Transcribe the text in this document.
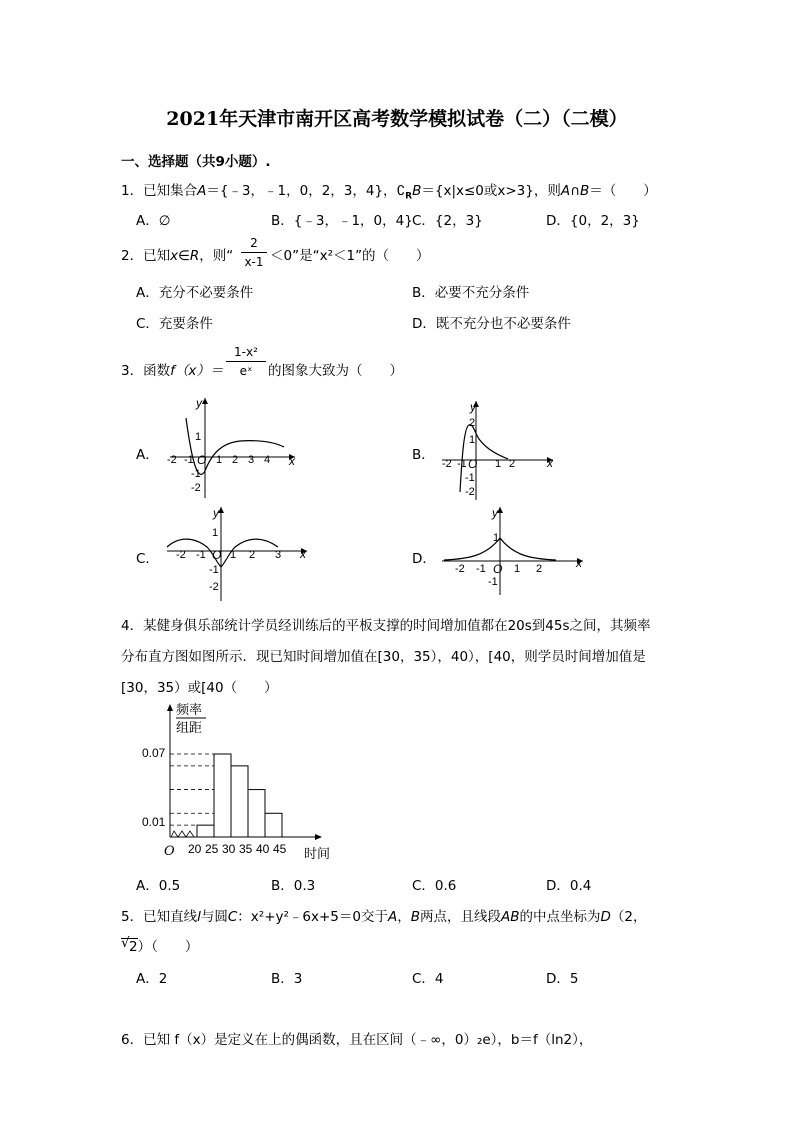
2021年天津市南开区高考数学模拟试卷（二）（二模）
一、选择题（共9小题）.
1．已知集合A＝{﹣3，﹣1，0，2，3，4}，$∁_RB=\{x|x\le 0$或x>3}，则A∩B＝（　　）
A．∅	B．{﹣3，﹣1，0，4} C．{2，3}	D．{0，2，3}
2．已知x∈R，则“
2
x-1 ＜0”是“x²＜1”的（　　）
A．充分不必要条件	B．必要不充分条件
C．充要条件	D．既不充分也不必要条件
3．函数f（x）＝
1-x²
eˣ	的图象大致为（　　）
A．	B．
C．	D．
x
y
-2 -1 O 1 2 3 4
1
-1
-2
x
y
-2 -1 O 1 2
2
1
-1
-2
x
y
-2 -1 O 1 2 3
1
-1
-2
x
y
-2 -1 O 1 2
1
-1
4．某健身俱乐部统计学员经训练后的平板支撑的时间增加值都在20s到45s之间，其频率
分布直方图如图所示．现已知时间增加值在[30，35），40），[40，则学员时间增加值是
[30，35）或[40（　　）
频率
组距
20 25 30 35 40 45
0.07
0.01
O	时间
A．0.5	B．0.3	C．0.6	D．0.4
5．已知直线l与圆C：x²+y²﹣6x+5＝0交于A，B两点，且线段AB的中点坐标为D（2，
√ 2）（　　）
A．2	B．3	C．4	D．5
6．已知 f（x）是定义在上的偶函数，且在区间（﹣∞，0）₂e），b＝f（ln2），
